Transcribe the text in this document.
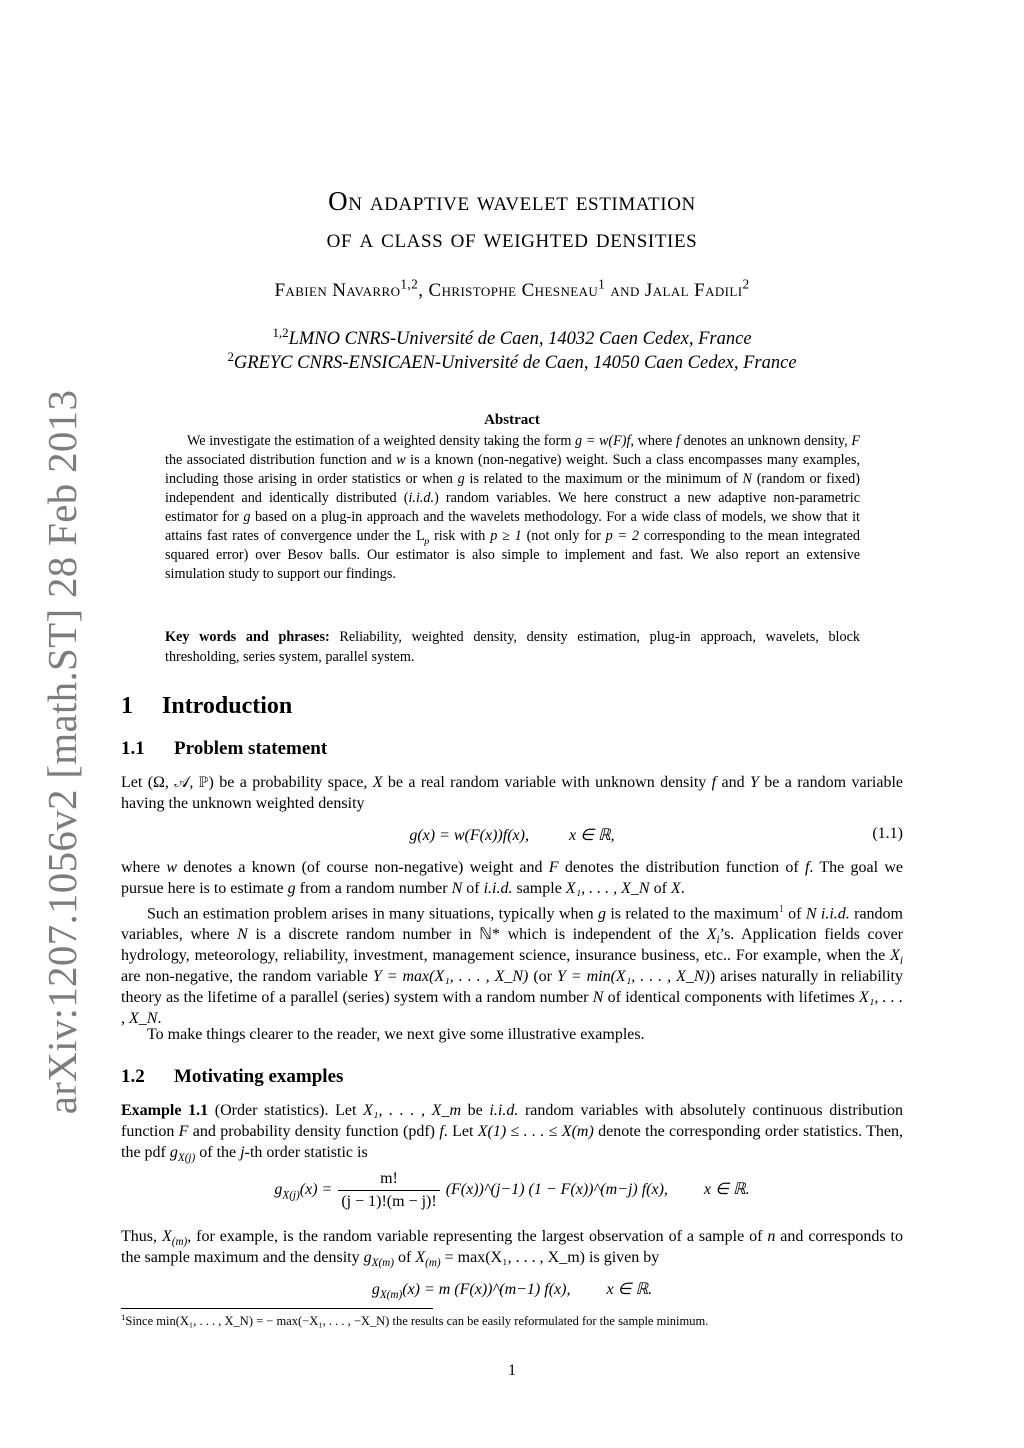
arXiv:1207.1056v2 [math.ST] 28 Feb 2013
On adaptive wavelet estimation
of a class of weighted densities
Fabien Navarro$^{1,2}$, Christophe Chesneau$^1$ and Jalal Fadili$^2$
$^{1,2}$LMNO CNRS-Université de Caen, 14032 Caen Cedex, France
$^2$GREYC CNRS-ENSICAEN-Université de Caen, 14050 Caen Cedex, France
Abstract

We investigate the estimation of a weighted density taking the form g = w(F)f, where f denotes an unknown density, F the associated distribution function and w is a known (non-negative) weight. Such a class encompasses many examples, including those arising in order statistics or when g is related to the maximum or the minimum of N (random or fixed) independent and identically distributed (i.i.d.) random variables. We here construct a new adaptive non-parametric estimator for g based on a plug-in approach and the wavelets methodology. For a wide class of models, we show that it attains fast rates of convergence under the $L_p$ risk with p ≥ 1 (not only for p = 2 corresponding to the mean integrated squared error) over Besov balls. Our estimator is also simple to implement and fast. We also report an extensive simulation study to support our findings.

Key words and phrases: Reliability, weighted density, density estimation, plug-in approach, wavelets, block thresholding, series system, parallel system.

1 Introduction
1.1 Problem statement

Let (Ω, 𝒜, ℙ) be a probability space, X be a real random variable with unknown density f and Y be a random variable having the unknown weighted density

g(x) = w(F(x))f(x),	x ∈ ℝ,	(1.1)

where w denotes a known (of course non-negative) weight and F denotes the distribution function of f. The goal we pursue here is to estimate g from a random number N of i.i.d. sample X₁, . . . , X_N of X.

Such an estimation problem arises in many situations, typically when g is related to the maximum$^1$ of N i.i.d. random variables, where N is a discrete random number in ℕ* which is independent of the $X_i’s$. Application fields cover hydrology, meteorology, reliability, investment, management science, insurance business, etc.. For example, when the $X_i$ are non-negative, the random variable Y = max(X₁, . . . , X_N) (or Y = min(X₁, . . . , X_N)) arises naturally in reliability theory as the lifetime of a parallel (series) system with a random number N of identical components with lifetimes X₁, . . . , X_N.

To make things clearer to the reader, we next give some illustrative examples.

1.2 Motivating examples

Example 1.1 (Order statistics). Let X₁, . . . , X_m be i.i.d. random variables with absolutely continuous distribution function F and probability density function (pdf) f. Let X(1) ≤ . . . ≤ X(m) denote the corresponding order statistics. Then, the pdf $g_{X(j)}$ of the j-th order statistic is

$g_{X(j)}(x) = \frac{m!}{(j - 1)!(m - j)!}$ (F(x))^(j−1) (1 − F(x))^(m−j) f(x), x ∈ ℝ.

Thus, $X_{(m)}$, for example, is the random variable representing the largest observation of a sample of n and corresponds to the sample maximum and the density $g_{X(m)}$ of $X_{(m)} = \max(X_1$, . . . , X_m) is given by

$g_{X(m)}(x) = m$ (F(x))^(m−1) f(x), x ∈ ℝ.
$^1$Since min(X₁, . . . , X_N) = − max(−X₁, . . . , −X_N) the results can be easily reformulated for the sample minimum.
1
